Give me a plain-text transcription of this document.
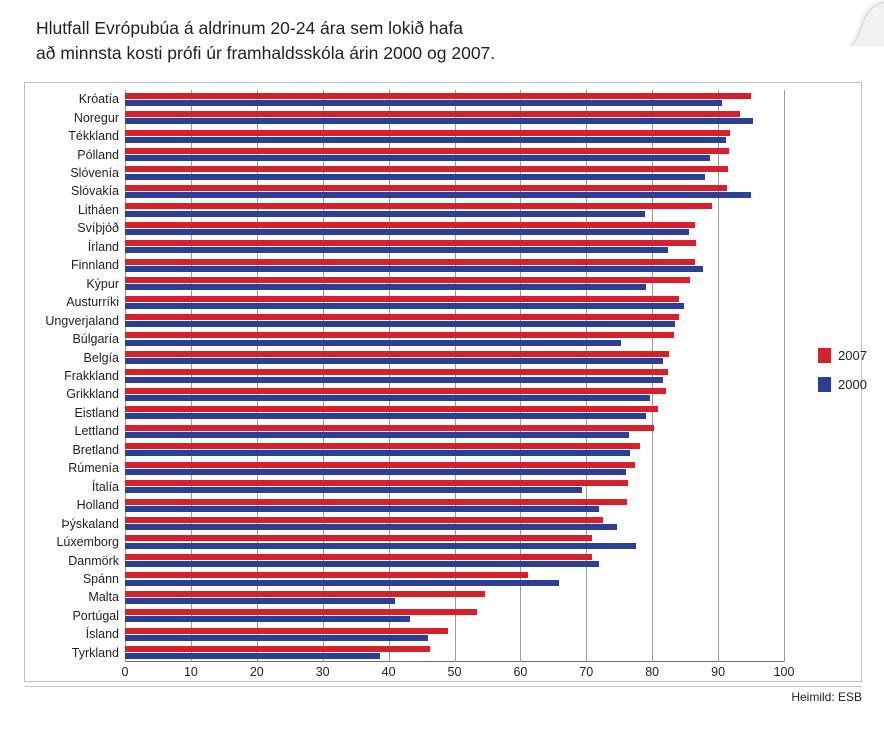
Hlutfall Evrópubúa á aldrinum 20-24 ára sem lokið hafa
að minnsta kosti prófi úr framhaldsskóla árin 2000 og 2007.
0	10	20	30	40	50	60	70	80	90	100
Króatía
Noregur
Tékkland
Pólland
Slóvenía
Slóvakía
Litháen
Svíþjóð
Írland
Finnland
Kýpur
Austurríki
Ungverjaland
Búlgaría
Belgía
Frakkland
Grikkland
Eistland
Lettland
Bretland
Rúmenía
Ítalía
Holland
Þýskaland
Lúxemborg
Danmörk
Spánn
Malta
Portúgal
Ísland
Tyrkland
2007
2000
Heimild: ESB
